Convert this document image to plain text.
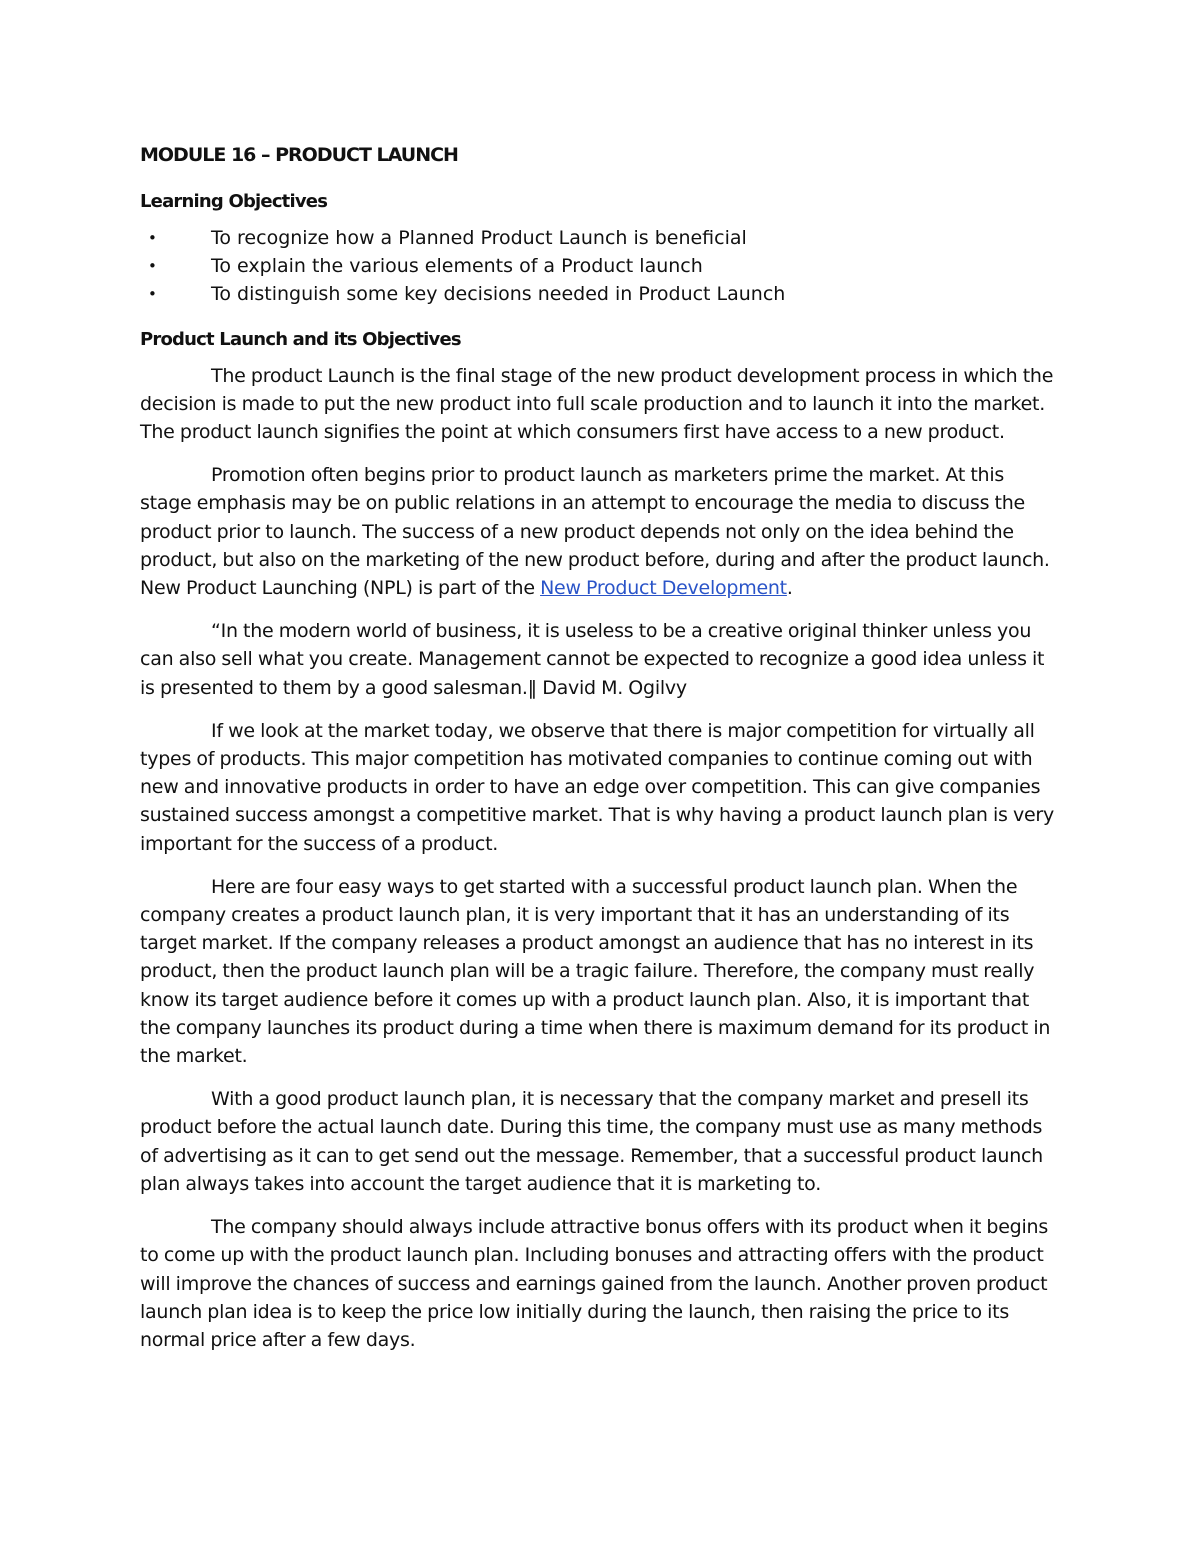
MODULE 16 – PRODUCT LAUNCH
Learning Objectives
•	To recognize how a Planned Product Launch is beneficial
•	To explain the various elements of a Product launch
•	To distinguish some key decisions needed in Product Launch
Product Launch and its Objectives

The product Launch is the final stage of the new product development process in which the decision is made to put the new product into full scale production and to launch it into the market. The product launch signifies the point at which consumers first have access to a new product.

Promotion often begins prior to product launch as marketers prime the market. At this stage emphasis may be on public relations in an attempt to encourage the media to discuss the product prior to launch. The success of a new product depends not only on the idea behind the product, but also on the marketing of the new product before, during and after the product launch. New Product Launching (NPL) is part of the New Product Development.

“In the modern world of business, it is useless to be a creative original thinker unless you can also sell what you create. Management cannot be expected to recognize a good idea unless it is presented to them by a good salesman.‖ David M. Ogilvy

If we look at the market today, we observe that there is major competition for virtually all types of products. This major competition has motivated companies to continue coming out with new and innovative products in order to have an edge over competition. This can give companies sustained success amongst a competitive market. That is why having a product launch plan is very important for the success of a product.

Here are four easy ways to get started with a successful product launch plan. When the company creates a product launch plan, it is very important that it has an understanding of its target market. If the company releases a product amongst an audience that has no interest in its product, then the product launch plan will be a tragic failure. Therefore, the company must really know its target audience before it comes up with a product launch plan. Also, it is important that the company launches its product during a time when there is maximum demand for its product in the market.

With a good product launch plan, it is necessary that the company market and presell its product before the actual launch date. During this time, the company must use as many methods of advertising as it can to get send out the message. Remember, that a successful product launch plan always takes into account the target audience that it is marketing to.

The company should always include attractive bonus offers with its product when it begins to come up with the product launch plan. Including bonuses and attracting offers with the product will improve the chances of success and earnings gained from the launch. Another proven product launch plan idea is to keep the price low initially during the launch, then raising the price to its normal price after a few days.
